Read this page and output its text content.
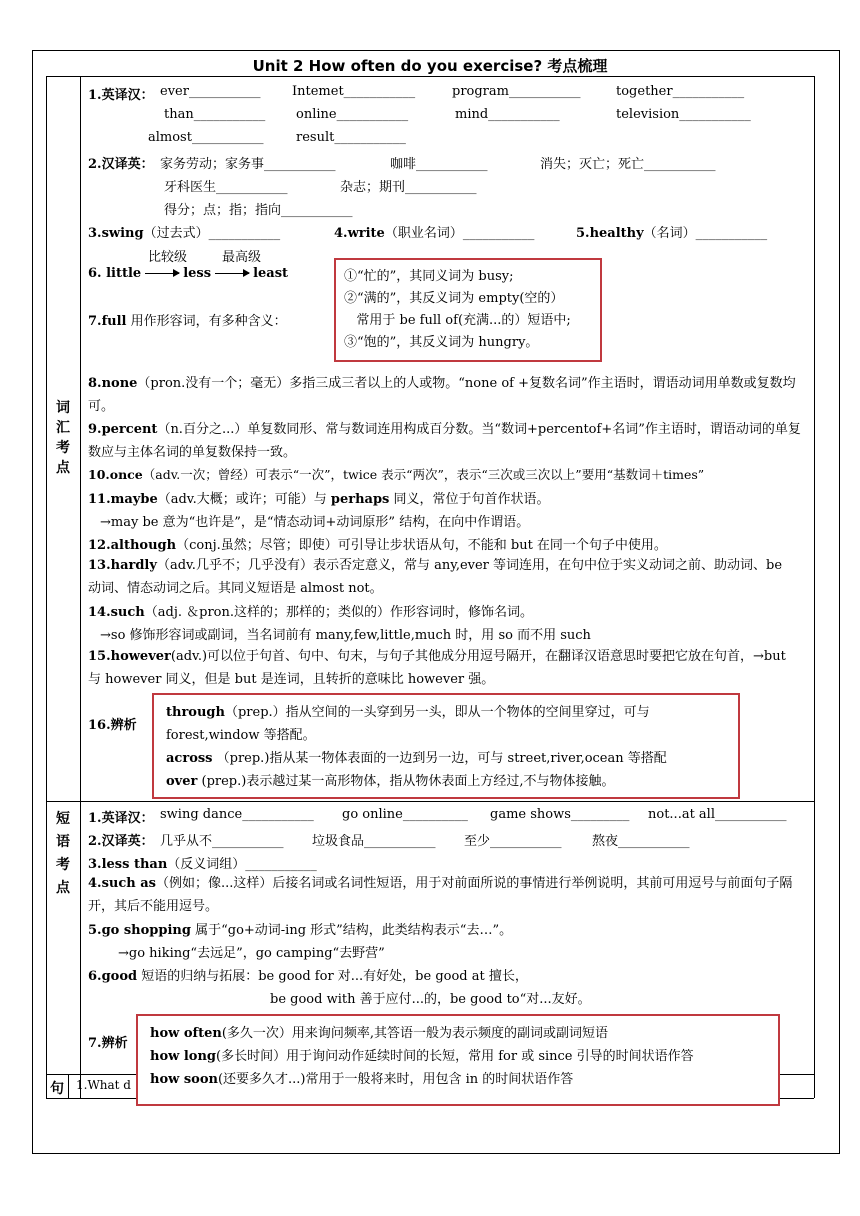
Unit 2 How often do you exercise? 考点梳理
词
汇
考
点
1.英译汉： ever___________ Intemet___________	program___________	together___________
than___________ online___________	mind___________	television___________
almost___________	result___________
2.汉译英： 家务劳动；家务事___________	咖啡___________	消失；灭亡；死亡___________
牙科医生___________	杂志；期刊___________
得分；点；指；指向___________
3.swing（过去式）___________	4.write（职业名词）___________	5.healthy（名词）___________
比较级	最高级
6. little	less	least
7.full 用作形容词，有多种含义：
①“忙的”，其同义词为 busy;
②“满的”，其反义词为 empty(空的）
常用于 be full of(充满...的）短语中;
③“饱的”，其反义词为 hungry。
8.none（pron.没有一个；毫无）多指三成三者以上的人或物。“none of +复数名词”作主语时，谓语动词用单数或复数均可。
9.percent（n.百分之...）单复数同形、常与数词连用构成百分数。当“数词+percentof+名词”作主语时，谓语动词的单复数应与主体名词的单复数保持一致。
10.once（adv.一次；曾经）可表示“一次”，twice 表示“两次”，表示“三次或三次以上”要用“基数词＋times”
11.maybe（adv.大概；或许；可能）与 perhaps 同义，常位于句首作状语。
→may be 意为“也许是”，是“情态动词+动词原形” 结构，在向中作谓语。
12.although（conj.虽然；尽管；即使）可引导让步状语从句，不能和 but 在同一个句子中使用。
13.hardly（adv.几乎不；几乎没有）表示否定意义，常与 any,ever 等词连用，在句中位于实义动词之前、助动词、be 动词、情态动词之后。其同义短语是 almost not。
14.such（adj. ＆pron.这样的；那样的；类似的）作形容词时，修饰名词。
→so 修饰形容词或副词，当名词前有 many,few,little,much 时，用 so 而不用 such
15.however(adv.)可以位于句首、句中、句末，与句子其他成分用逗号隔开，在翻译汉语意思时要把它放在句首，→but 与 however 同义，但是 but 是连词，且转折的意味比 however 强。
16.辨析
through（prep.）指从空间的一头穿到另一头，即从一个物体的空间里穿过，可与 forest,window 等搭配。
across （prep.)指从某一物体表面的一边到另一边，可与 street,river,ocean 等搭配
over (prep.)表示越过某一高形物体，指从物休表面上方经过,不与物体接触。
短
语
考
点
1.英译汉： swing dance___________ go online__________ game shows_________ not...at all___________
2.汉译英： 几乎从不___________ 垃圾食品___________ 至少___________ 熬夜___________
3.less than（反义词组）___________
4.such as（例如；像...这样）后接名词或名词性短语，用于对前面所说的事情进行举例说明，其前可用逗号与前面句子隔开，其后不能用逗号。
5.go shopping 属于“go+动词-ing 形式”结构，此类结构表示“去…”。
→go hiking“去远足”，go camping“去野营”
6.good 短语的归纳与拓展：be good for 对...有好处，be good at 擅长，
be good with 善于应付...的，be good to“对...友好。
句 1.What d
7.辨析
how often(多久一次）用来询问频率,其答语一般为表示频度的副词或副词短语
how long(多长时间）用于询问动作延续时间的长短，常用 for 或 since 引导的时间状语作答
how soon(还要多久才...)常用于一般将来时，用包含 in 的时间状语作答
